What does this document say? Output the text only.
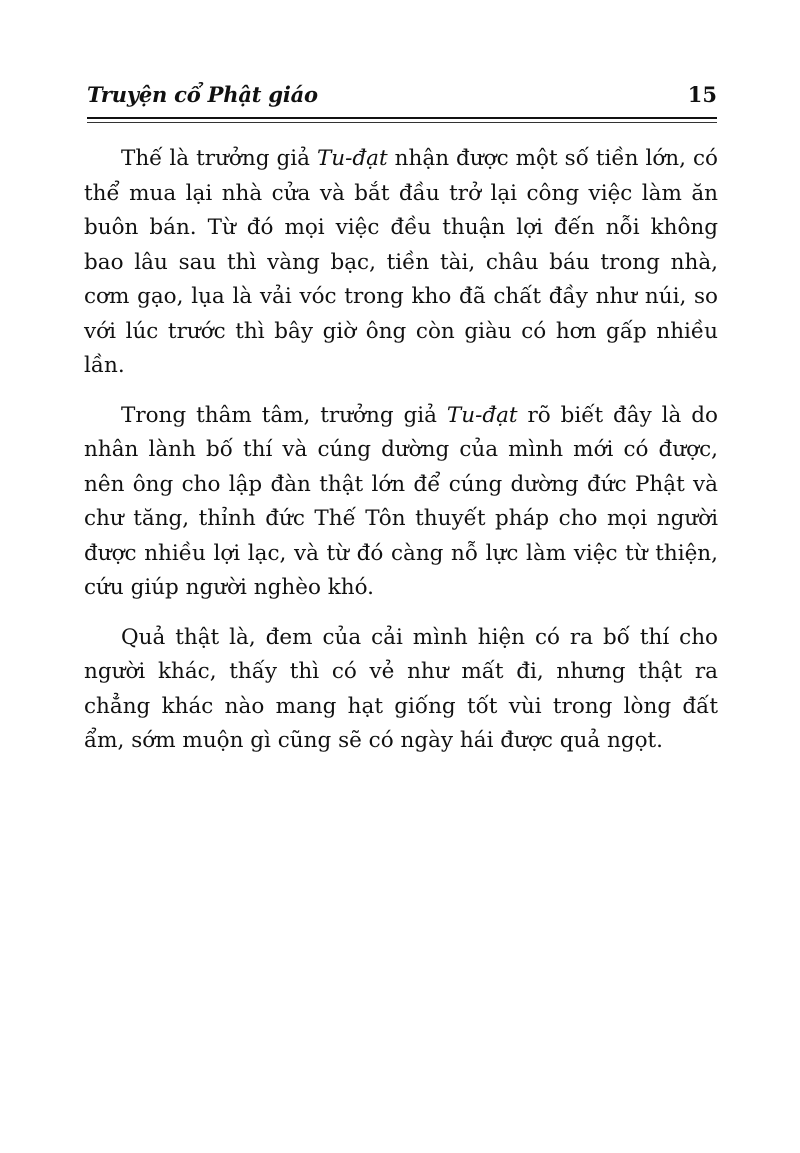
Truyện cổ Phật giáo	15

Thế là trưởng giả Tu-đạt nhận được một số tiền lớn, có thể mua lại nhà cửa và bắt đầu trở lại công việc làm ăn buôn bán. Từ đó mọi việc đều thuận lợi đến nỗi không bao lâu sau thì vàng bạc, tiền tài, châu báu trong nhà, cơm gạo, lụa là vải vóc trong kho đã chất đầy như núi, so với lúc trước thì bây giờ ông còn giàu có hơn gấp nhiều lần.

Trong thâm tâm, trưởng giả Tu-đạt rõ biết đây là do nhân lành bố thí và cúng dường của mình mới có được, nên ông cho lập đàn thật lớn để cúng dường đức Phật và chư tăng, thỉnh đức Thế Tôn thuyết pháp cho mọi người được nhiều lợi lạc, và từ đó càng nỗ lực làm việc từ thiện, cứu giúp người nghèo khó.

Quả thật là, đem của cải mình hiện có ra bố thí cho người khác, thấy thì có vẻ như mất đi, nhưng thật ra chẳng khác nào mang hạt giống tốt vùi trong lòng đất ẩm, sớm muộn gì cũng sẽ có ngày hái được quả ngọt.
